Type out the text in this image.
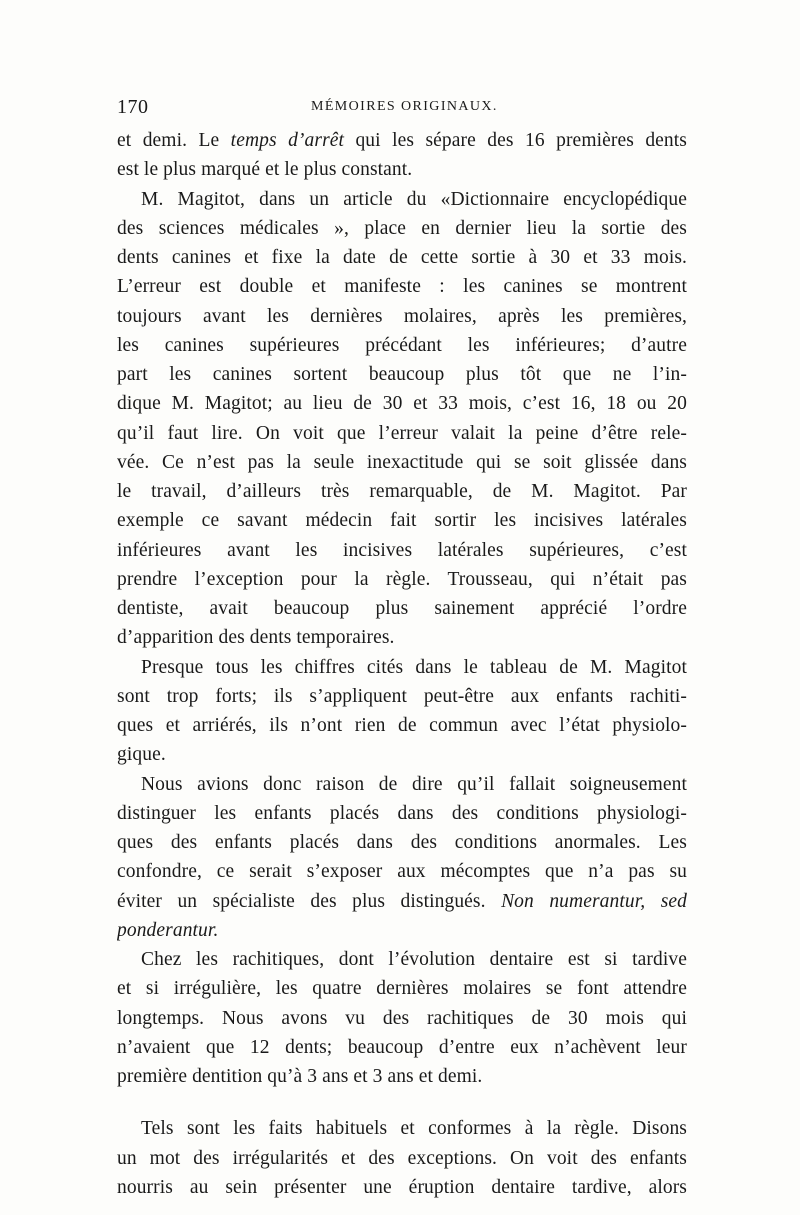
170	MÉMOIRES ORIGINAUX.
et demi. Le temps d’arrêt qui les sépare des 16 premières dents
est le plus marqué et le plus constant.
M. Magitot, dans un article du «Dictionnaire encyclopédique
des sciences médicales », place en dernier lieu la sortie des
dents canines et fixe la date de cette sortie à 30 et 33 mois.
L’erreur est double et manifeste : les canines se montrent
toujours avant les dernières molaires, après les premières,
les canines supérieures précédant les inférieures; d’autre
part les canines sortent beaucoup plus tôt que ne l’in-
dique M. Magitot; au lieu de 30 et 33 mois, c’est 16, 18 ou 20
qu’il faut lire. On voit que l’erreur valait la peine d’être rele-
vée. Ce n’est pas la seule inexactitude qui se soit glissée dans
le travail, d’ailleurs très remarquable, de M. Magitot. Par
exemple ce savant médecin fait sortir les incisives latérales
inférieures avant les incisives latérales supérieures, c’est
prendre l’exception pour la règle. Trousseau, qui n’était pas
dentiste, avait beaucoup plus sainement apprécié l’ordre
d’apparition des dents temporaires.
Presque tous les chiffres cités dans le tableau de M. Magitot
sont trop forts; ils s’appliquent peut-être aux enfants rachiti-
ques et arriérés, ils n’ont rien de commun avec l’état physiolo-
gique.
Nous avions donc raison de dire qu’il fallait soigneusement
distinguer les enfants placés dans des conditions physiologi-
ques des enfants placés dans des conditions anormales. Les
confondre, ce serait s’exposer aux mécomptes que n’a pas su
éviter un spécialiste des plus distingués. Non numerantur, sed
ponderantur.
Chez les rachitiques, dont l’évolution dentaire est si tardive
et si irrégulière, les quatre dernières molaires se font attendre
longtemps. Nous avons vu des rachitiques de 30 mois qui
n’avaient que 12 dents; beaucoup d’entre eux n’achèvent leur
première dentition qu’à 3 ans et 3 ans et demi.
Tels sont les faits habituels et conformes à la règle. Disons
un mot des irrégularités et des exceptions. On voit des enfants
nourris au sein présenter une éruption dentaire tardive, alors
